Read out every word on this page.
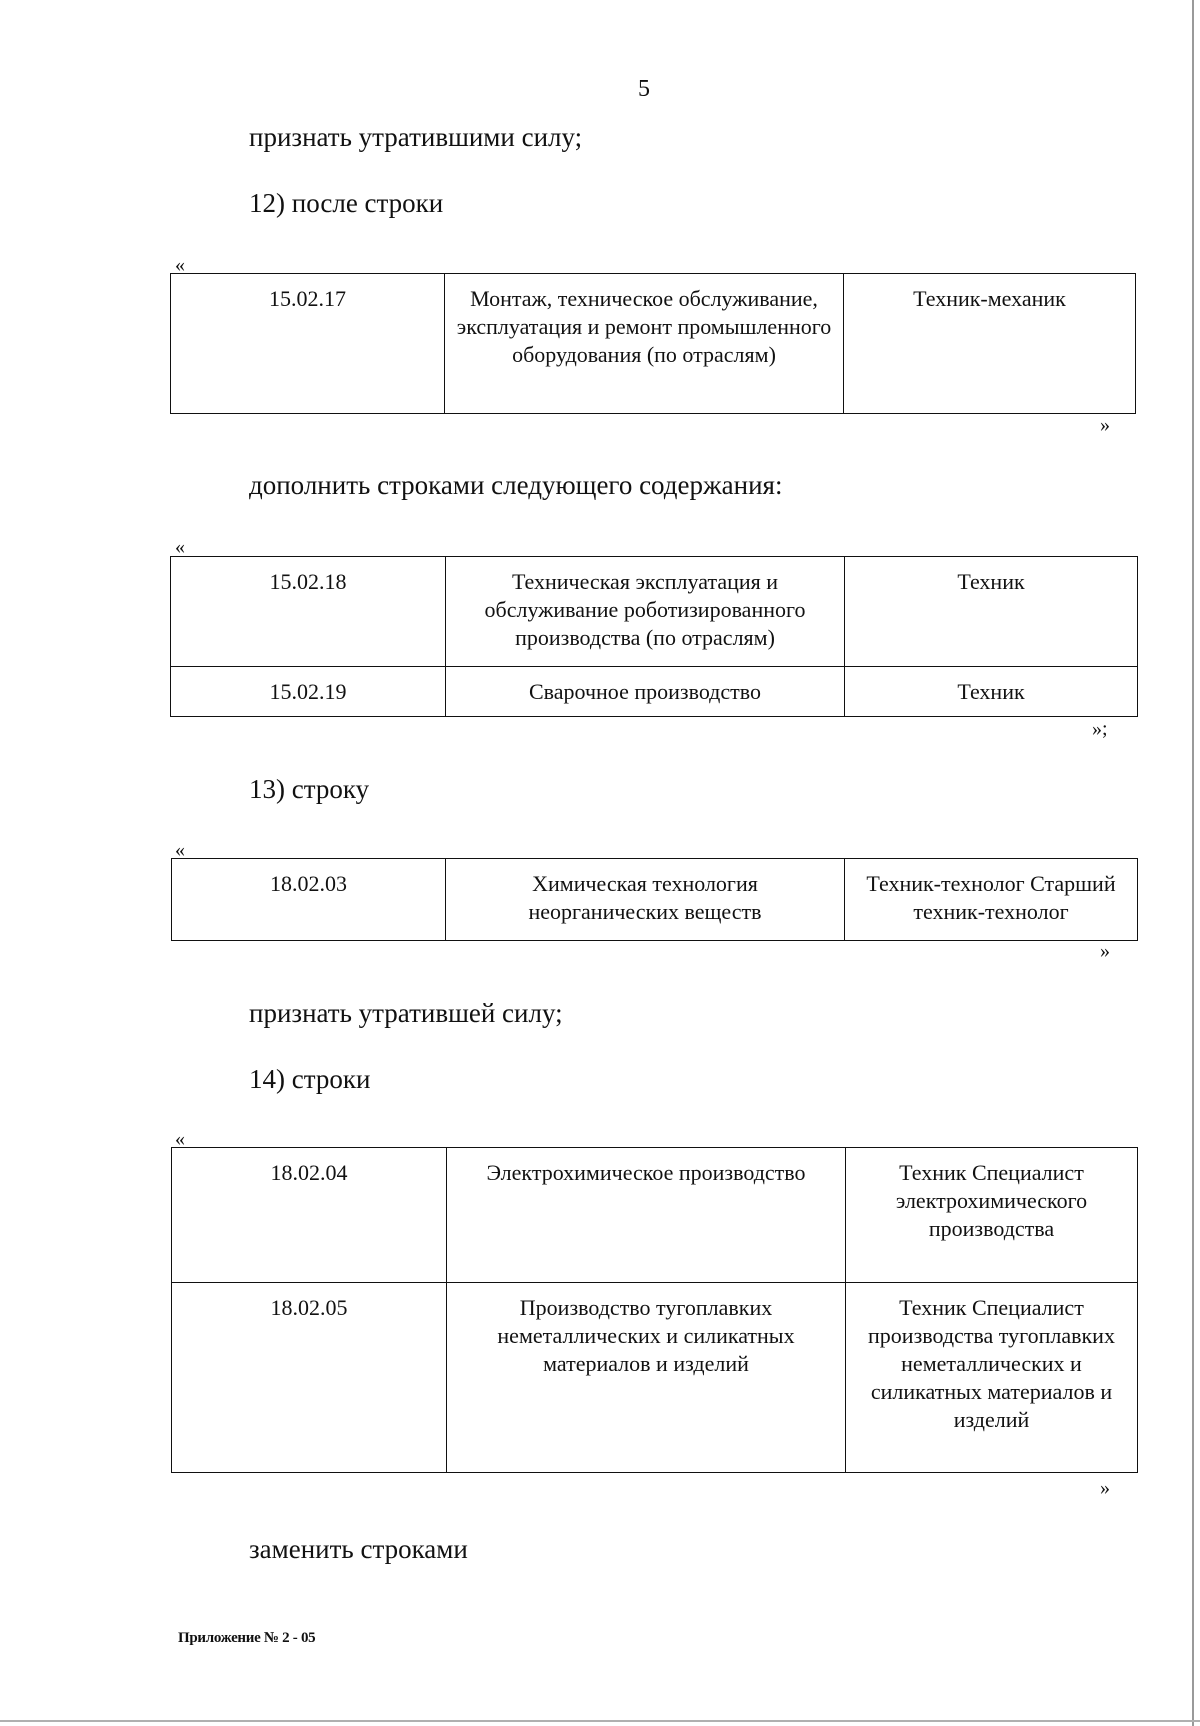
5
признать утратившими силу;
12) после строки
«
15.02.17	Монтаж, техническое обслуживание, эксплуатация и ремонт промышленного оборудования (по отраслям)	Техник-механик
»
дополнить строками следующего содержания:
«
15.02.18	Техническая эксплуатация и обслуживание роботизированного производства (по отраслям)	Техник
15.02.19	Сварочное производство	Техник
»;
13) строку
«
18.02.03	Химическая технология неорганических веществ	Техник-технолог Старший техник-технолог
»
признать утратившей силу;
14) строки
«
18.02.04	Электрохимическое производство	Техник Специалист электрохимического производства
18.02.05	Производство тугоплавких неметаллических и силикатных материалов и изделий	Техник Специалист производства тугоплавких неметаллических и силикатных материалов и изделий
»
заменить строками
Приложение № 2 - 05
